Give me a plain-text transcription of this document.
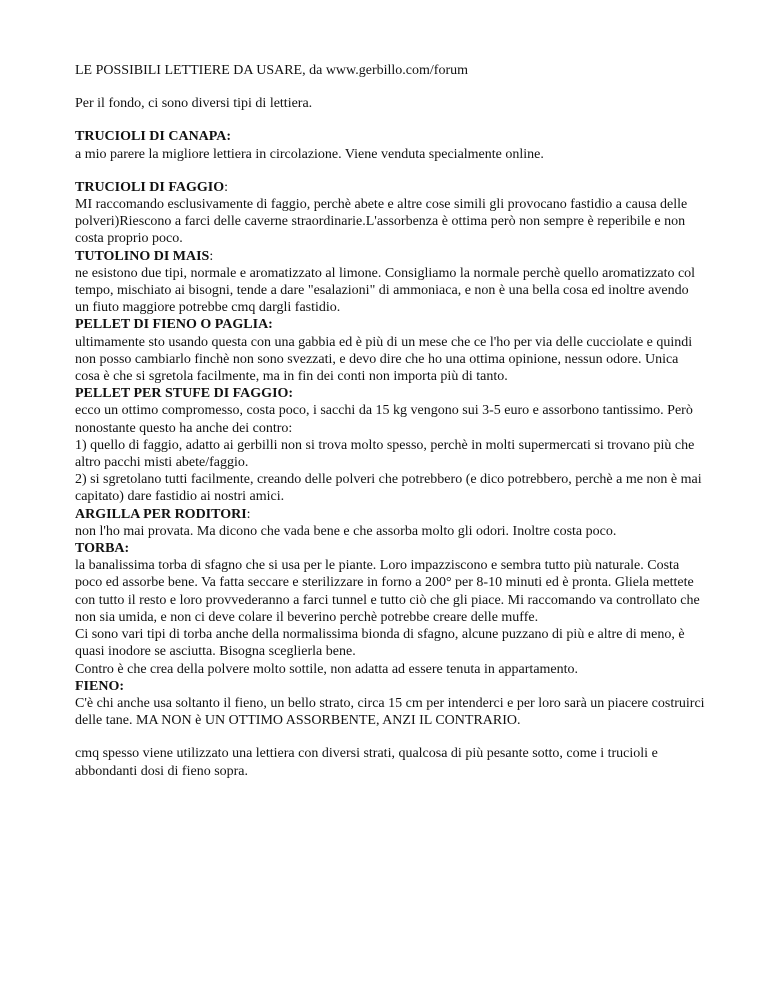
LE POSSIBILI LETTIERE DA USARE, da www.gerbillo.com/forum

Per il fondo, ci sono diversi tipi di lettiera.

TRUCIOLI DI CANAPA:
a mio parere la migliore lettiera in circolazione. Viene venduta specialmente online.
TRUCIOLI DI FAGGIO:
MI raccomando esclusivamente di faggio, perchè abete e altre cose simili gli provocano fastidio a causa delle polveri)Riescono a farci delle caverne straordinarie.L'assorbenza è ottima però non sempre è reperibile e non costa proprio poco.
TUTOLINO DI MAIS:
ne esistono due tipi, normale e aromatizzato al limone. Consigliamo la normale perchè quello aromatizzato col tempo, mischiato ai bisogni, tende a dare "esalazioni" di ammoniaca, e non è una bella cosa ed inoltre avendo un fiuto maggiore potrebbe cmq dargli fastidio.
PELLET DI FIENO O PAGLIA:
ultimamente sto usando questa con una gabbia ed è più di un mese che ce l'ho per via delle cucciolate e quindi non posso cambiarlo finchè non sono svezzati, e devo dire che ho una ottima opinione, nessun odore. Unica cosa è che si sgretola facilmente, ma in fin dei conti non importa più di tanto.
PELLET PER STUFE DI FAGGIO:
ecco un ottimo compromesso, costa poco, i sacchi da 15 kg vengono sui 3-5 euro e assorbono tantissimo. Però nonostante questo ha anche dei contro:
1) quello di faggio, adatto ai gerbilli non si trova molto spesso, perchè in molti supermercati si trovano più che altro pacchi misti abete/faggio.
2) si sgretolano tutti facilmente, creando delle polveri che potrebbero (e dico potrebbero, perchè a me non è mai capitato) dare fastidio ai nostri amici.
ARGILLA PER RODITORI:
non l'ho mai provata. Ma dicono che vada bene e che assorba molto gli odori. Inoltre costa poco.
TORBA:
la banalissima torba di sfagno che si usa per le piante. Loro impazziscono e sembra tutto più naturale. Costa poco ed assorbe bene. Va fatta seccare e sterilizzare in forno a 200° per 8-10 minuti ed è pronta. Gliela mettete con tutto il resto e loro provvederanno a farci tunnel e tutto ciò che gli piace. Mi raccomando va controllato che non sia umida, e non ci deve colare il beverino perchè potrebbe creare delle muffe.
Ci sono vari tipi di torba anche della normalissima bionda di sfagno, alcune puzzano di più e altre di meno, è quasi inodore se asciutta. Bisogna sceglierla bene.
Contro è che crea della polvere molto sottile, non adatta ad essere tenuta in appartamento.
FIENO:
C'è chi anche usa soltanto il fieno, un bello strato, circa 15 cm per intenderci e per loro sarà un piacere costruirci delle tane. MA NON è UN OTTIMO ASSORBENTE, ANZI IL CONTRARIO.

cmq spesso viene utilizzato una lettiera con diversi strati, qualcosa di più pesante sotto, come i trucioli e abbondanti dosi di fieno sopra.
